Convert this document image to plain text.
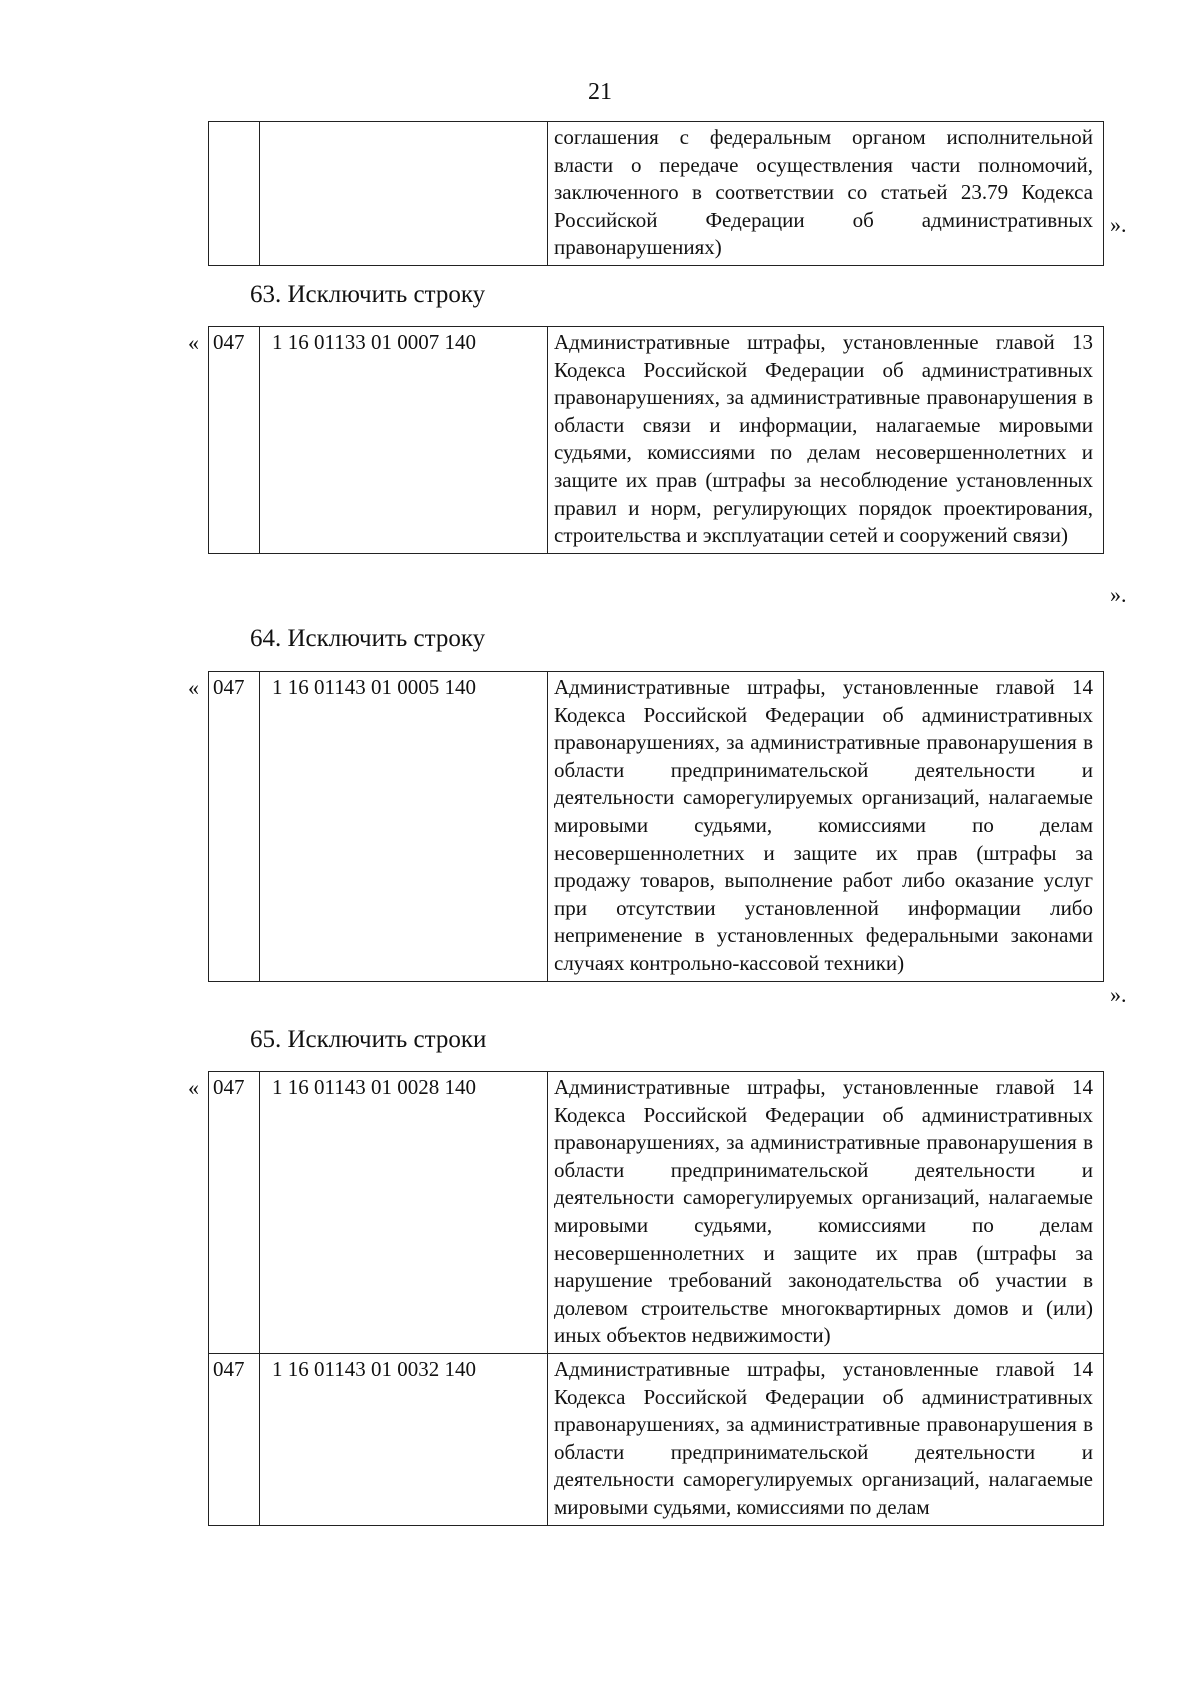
21
		соглашения с федеральным органом исполнительной власти о передаче осуществления части полномочий, заключенного в соответствии со статьей 23.79 Кодекса Российской Федерации об административных правонарушениях)
».
63. Исключить строку
« 047	1 16 01133 01 0007 140	Административные штрафы, установленные главой 13 Кодекса Российской Федерации об административных правонарушениях, за административные правонарушения в области связи и информации, налагаемые мировыми судьями, комиссиями по делам несовершеннолетних и защите их прав (штрафы за несоблюдение установленных правил и норм, регулирующих порядок проектирования, строительства и эксплуатации сетей и сооружений связи)
».
64. Исключить строку
« 047	1 16 01143 01 0005 140	Административные штрафы, установленные главой 14 Кодекса Российской Федерации об административных правонарушениях, за административные правонарушения в области предпринимательской деятельности и деятельности саморегулируемых организаций, налагаемые мировыми судьями, комиссиями по делам несовершеннолетних и защите их прав (штрафы за продажу товаров, выполнение работ либо оказание услуг при отсутствии установленной информации либо неприменение в установленных федеральными законами случаях контрольно-кассовой техники)
».
65. Исключить строки
« 047	1 16 01143 01 0028 140	Административные штрафы, установленные главой 14 Кодекса Российской Федерации об административных правонарушениях, за административные правонарушения в области предпринимательской деятельности и деятельности саморегулируемых организаций, налагаемые мировыми судьями, комиссиями по делам несовершеннолетних и защите их прав (штрафы за нарушение требований законодательства об участии в долевом строительстве многоквартирных домов и (или) иных объектов недвижимости)
047	1 16 01143 01 0032 140	Административные штрафы, установленные главой 14 Кодекса Российской Федерации об административных правонарушениях, за административные правонарушения в области предпринимательской деятельности и деятельности саморегулируемых организаций, налагаемые мировыми судьями, комиссиями по делам
